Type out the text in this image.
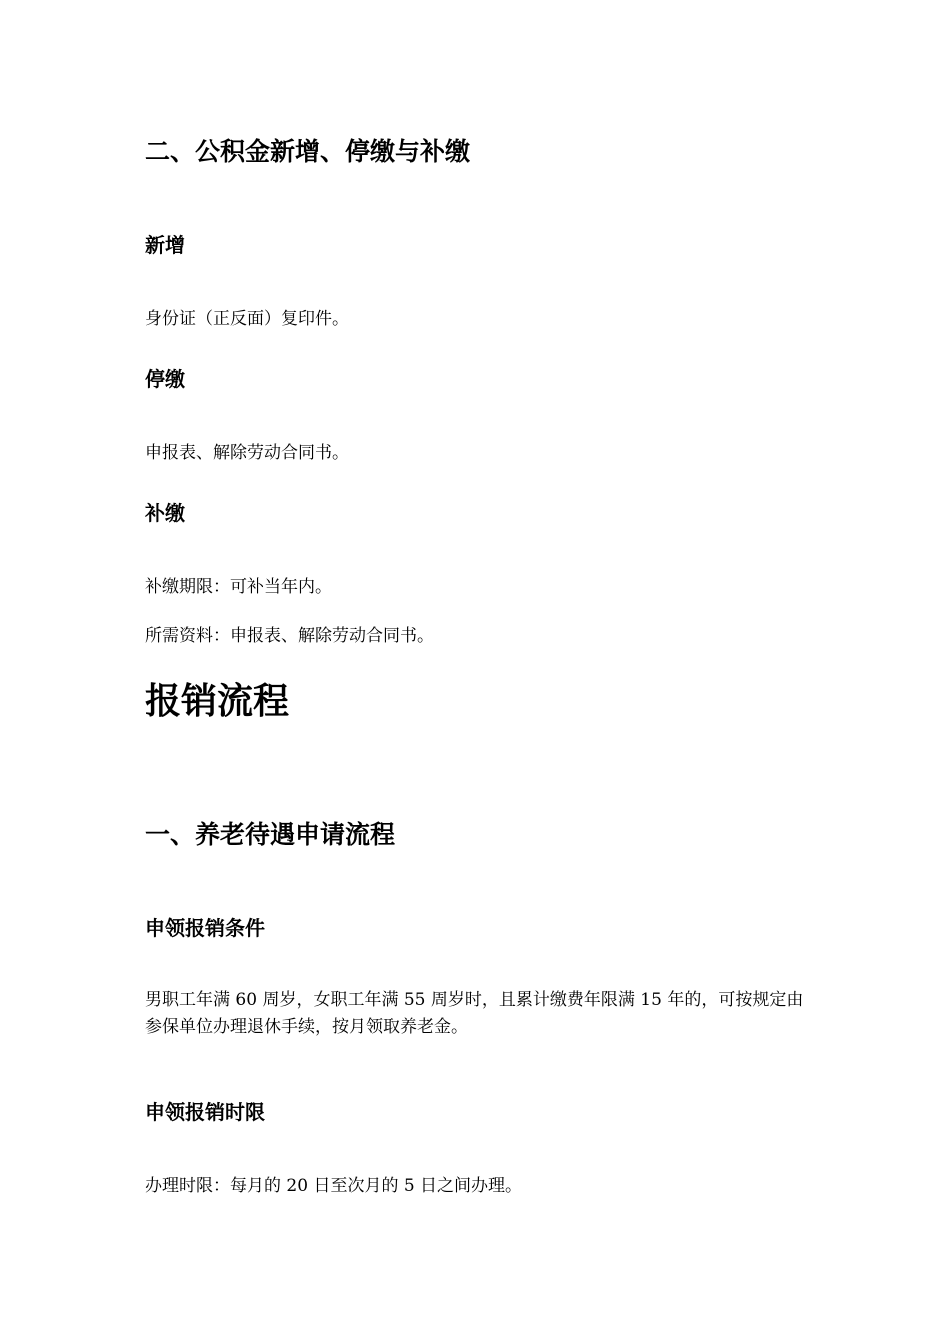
二、公积金新增、停缴与补缴
新增

身份证（正反面）复印件。

停缴

申报表、解除劳动合同书。

补缴

补缴期限：可补当年内。

所需资料：申报表、解除劳动合同书。

报销流程
一、养老待遇申请流程
申领报销条件

男职工年满 60 周岁，女职工年满 55 周岁时，且累计缴费年限满 15 年的，可按规定由参保单位办理退休手续，按月领取养老金。

申领报销时限

办理时限：每月的 20 日至次月的 5 日之间办理。
